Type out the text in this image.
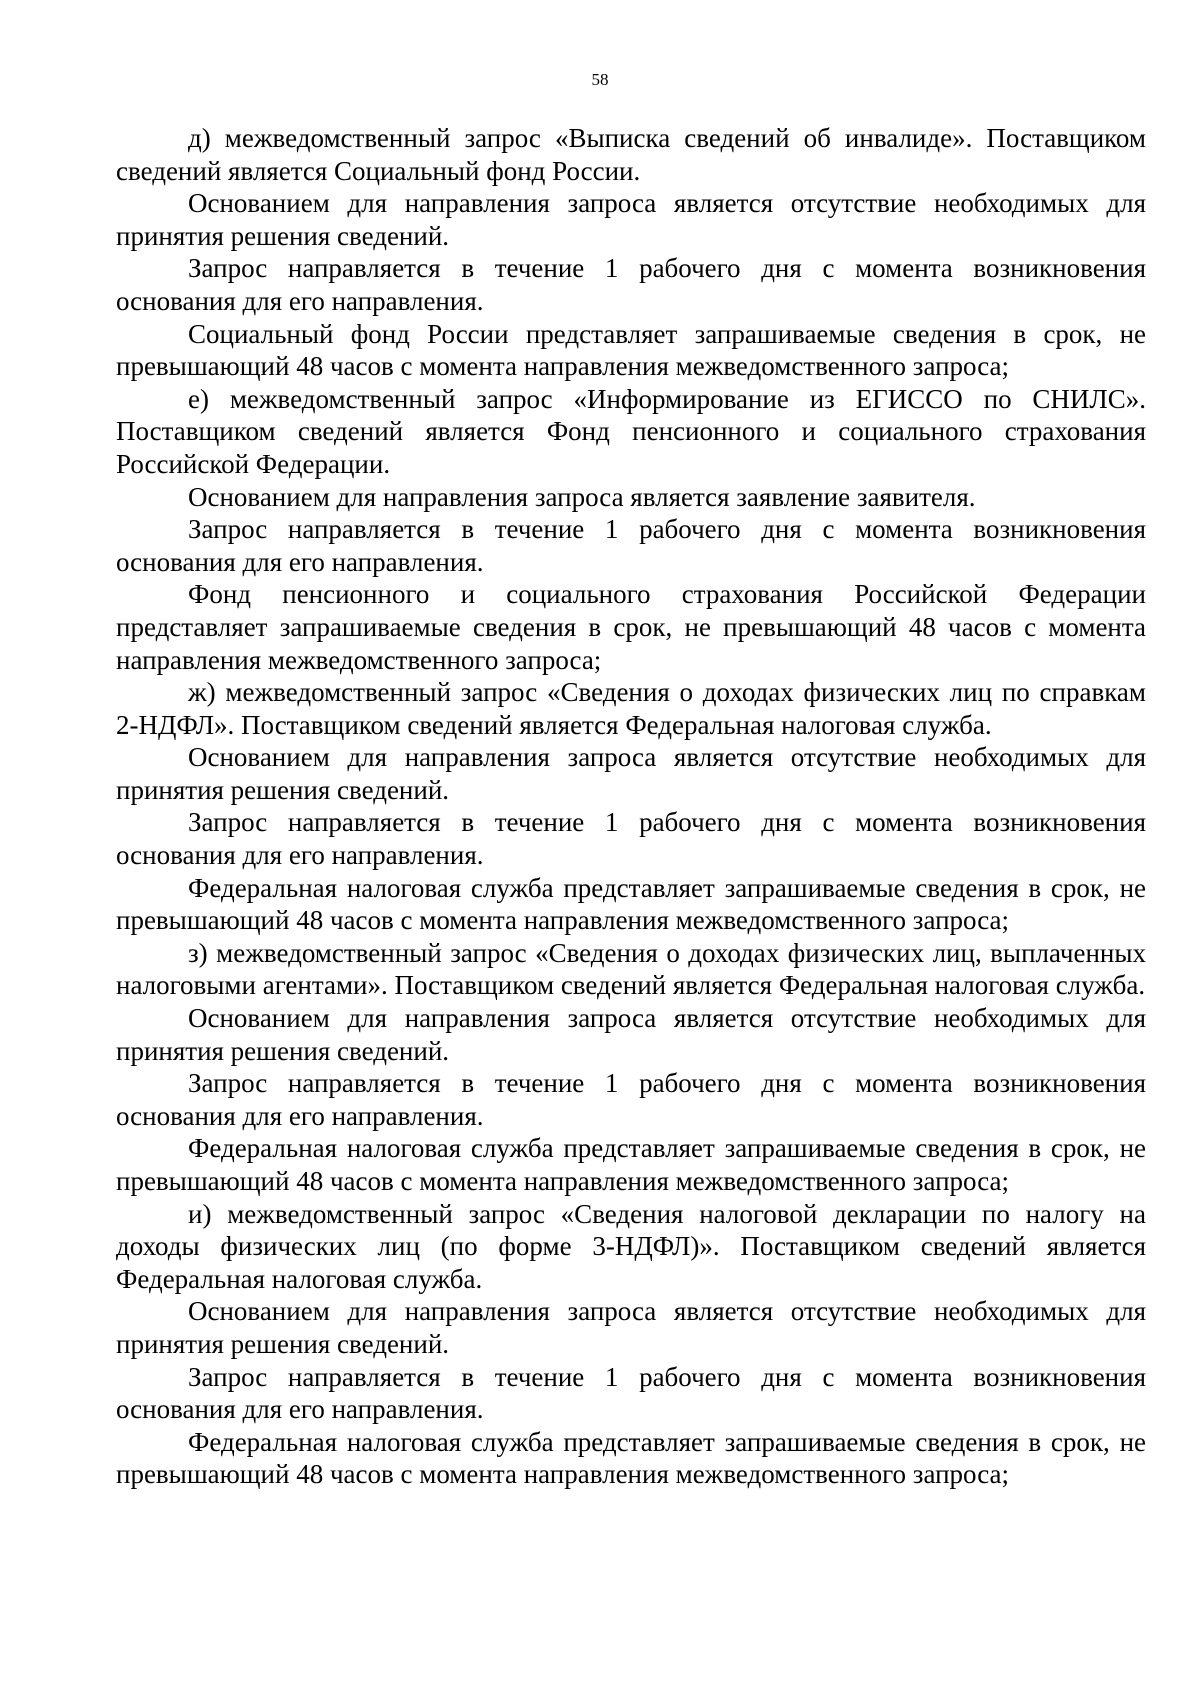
58

д) межведомственный запрос «Выписка сведений об инвалиде». Поставщиком сведений является Социальный фонд России.

Основанием для направления запроса является отсутствие необходимых для принятия решения сведений.

Запрос направляется в течение 1 рабочего дня с момента возникновения основания для его направления.

Социальный фонд России представляет запрашиваемые сведения в срок, не превышающий 48 часов с момента направления межведомственного запроса;

е) межведомственный запрос «Информирование из ЕГИССО по СНИЛС». Поставщиком сведений является Фонд пенсионного и социального страхования Российской Федерации.

Основанием для направления запроса является заявление заявителя.

Запрос направляется в течение 1 рабочего дня с момента возникновения основания для его направления.

Фонд пенсионного и социального страхования Российской Федерации представляет запрашиваемые сведения в срок, не превышающий 48 часов с момента направления межведомственного запроса;

ж) межведомственный запрос «Сведения о доходах физических лиц по справкам 2-НДФЛ». Поставщиком сведений является Федеральная налоговая служба.

Основанием для направления запроса является отсутствие необходимых для принятия решения сведений.

Запрос направляется в течение 1 рабочего дня с момента возникновения основания для его направления.

Федеральная налоговая служба представляет запрашиваемые сведения в срок, не превышающий 48 часов с момента направления межведомственного запроса;

з) межведомственный запрос «Сведения о доходах физических лиц, выплаченных налоговыми агентами». Поставщиком сведений является Федеральная налоговая служба.

Основанием для направления запроса является отсутствие необходимых для принятия решения сведений.

Запрос направляется в течение 1 рабочего дня с момента возникновения основания для его направления.

Федеральная налоговая служба представляет запрашиваемые сведения в срок, не превышающий 48 часов с момента направления межведомственного запроса;

и) межведомственный запрос «Сведения налоговой декларации по налогу на доходы физических лиц (по форме 3-НДФЛ)». Поставщиком сведений является Федеральная налоговая служба.

Основанием для направления запроса является отсутствие необходимых для принятия решения сведений.

Запрос направляется в течение 1 рабочего дня с момента возникновения основания для его направления.

Федеральная налоговая служба представляет запрашиваемые сведения в срок, не превышающий 48 часов с момента направления межведомственного запроса;
